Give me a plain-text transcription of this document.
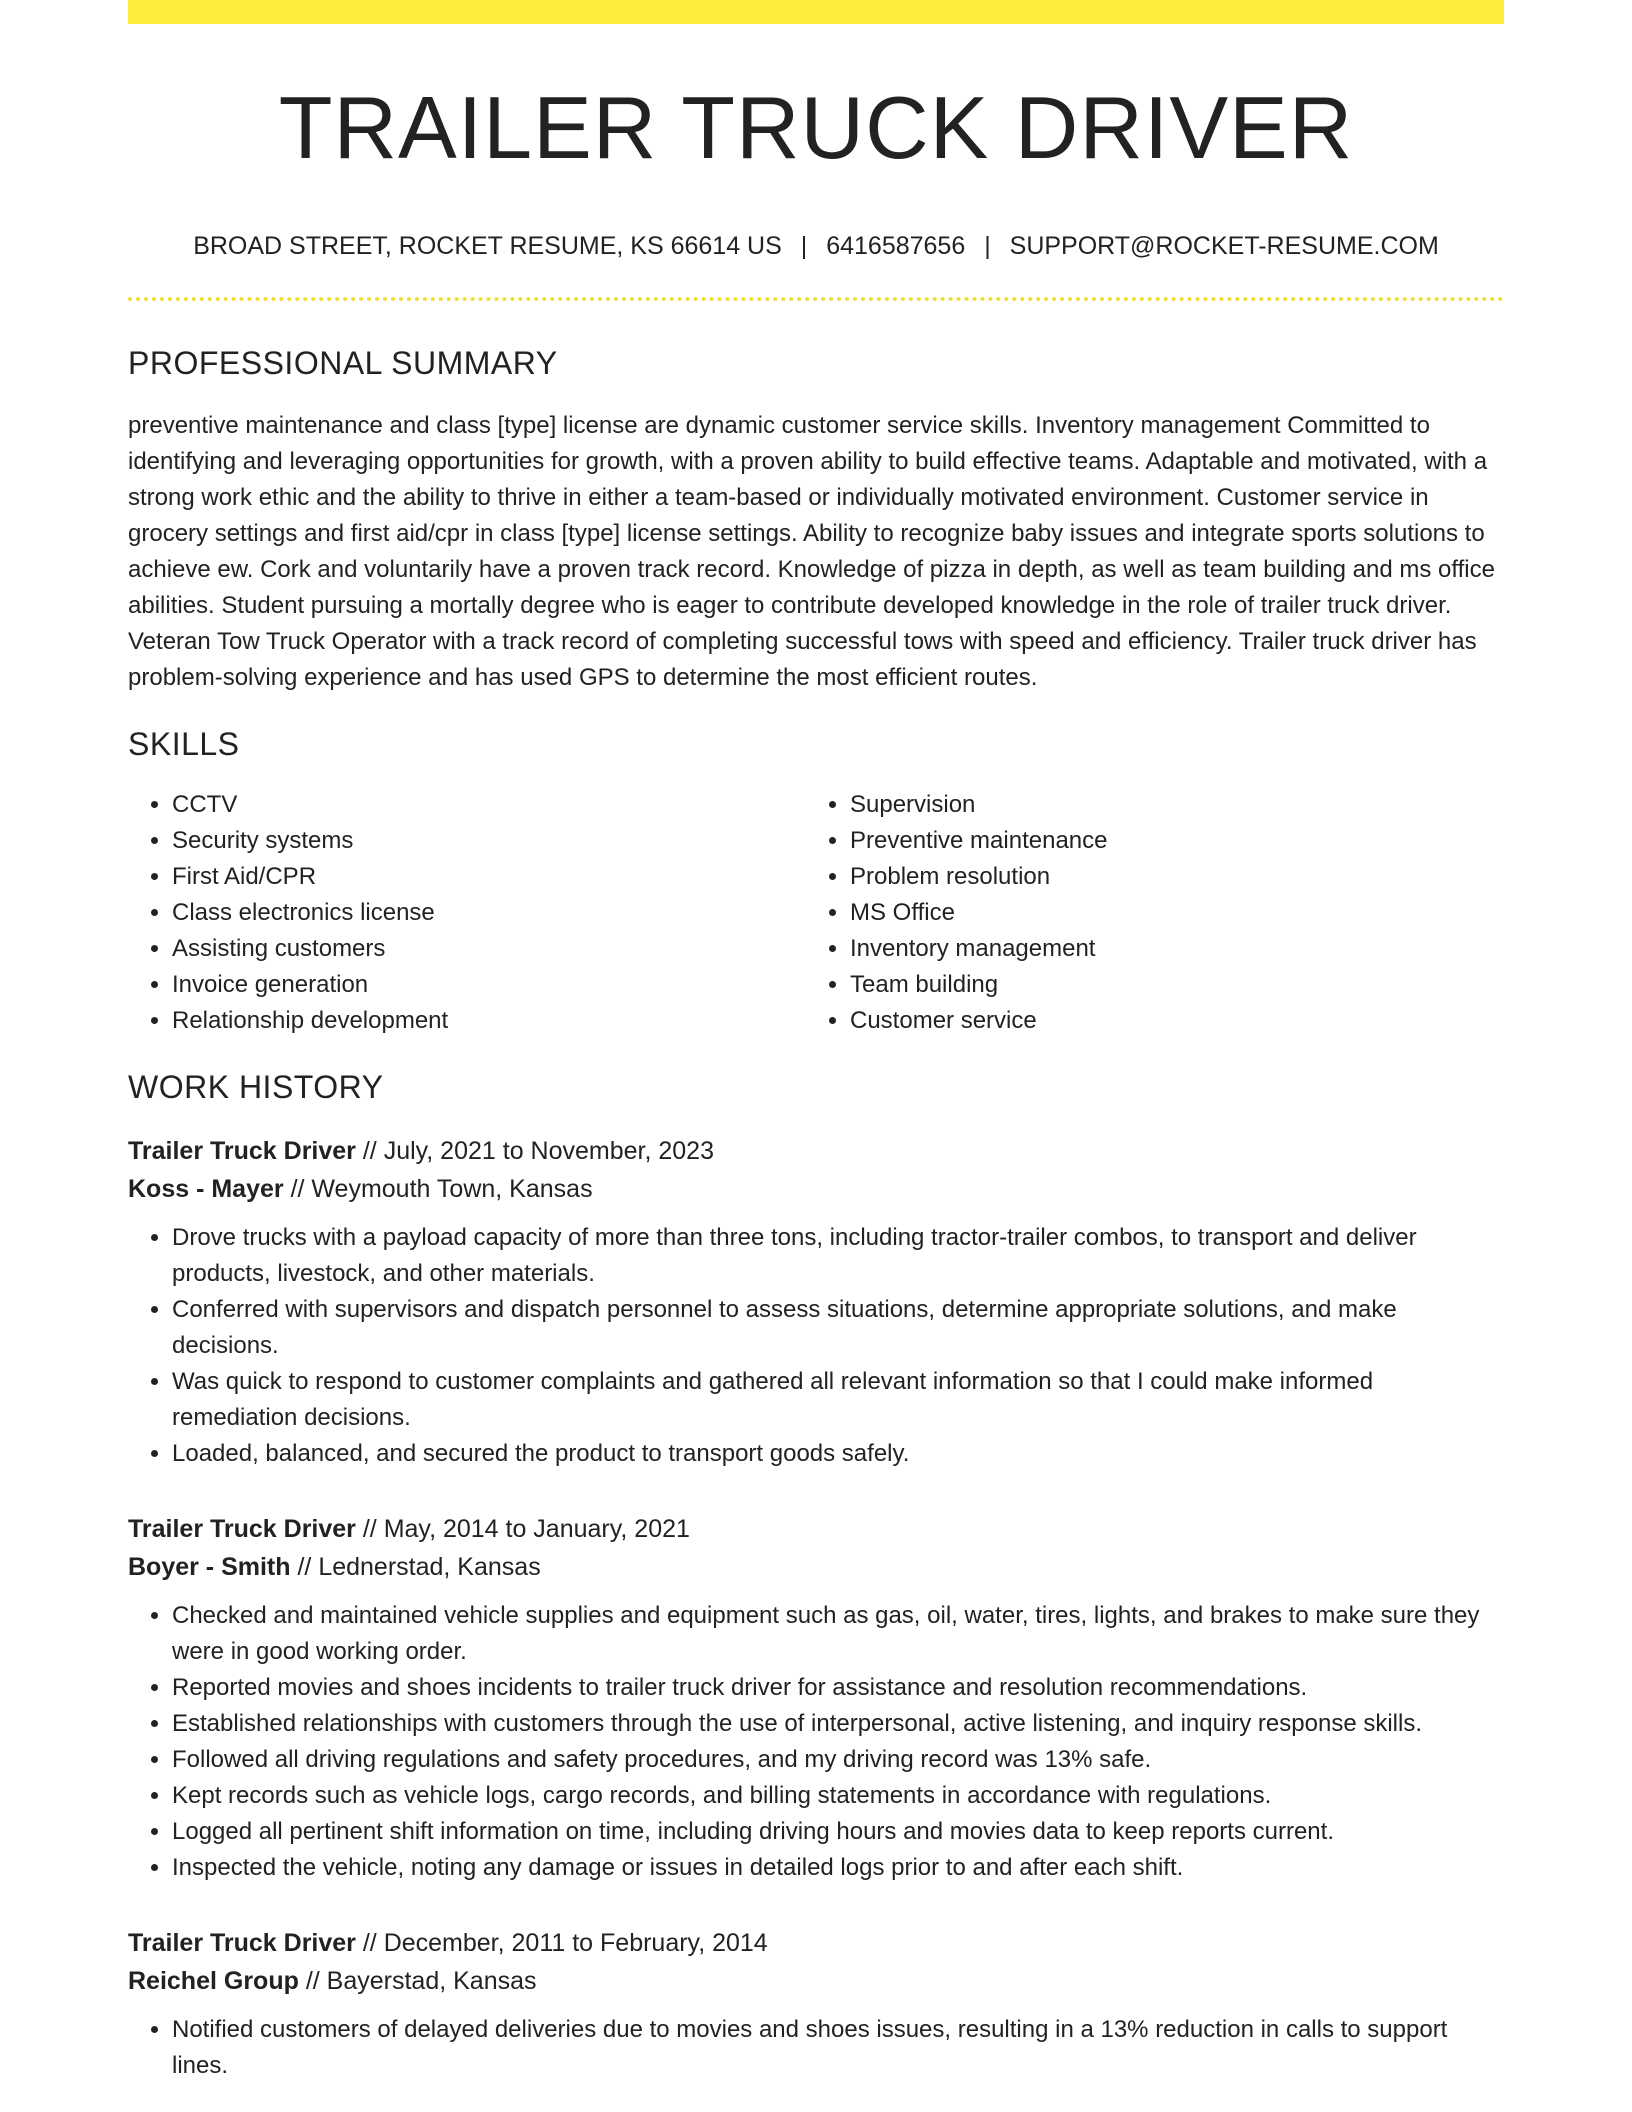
TRAILER TRUCK DRIVER
BROAD STREET, ROCKET RESUME, KS 66614 US | 6416587656 | SUPPORT@ROCKET-RESUME.COM
PROFESSIONAL SUMMARY

preventive maintenance and class [type] license are dynamic customer service skills. Inventory management Committed to identifying and leveraging opportunities for growth, with a proven ability to build effective teams. Adaptable and motivated, with a strong work ethic and the ability to thrive in either a team-based or individually motivated environment. Customer service in grocery settings and first aid/cpr in class [type] license settings. Ability to recognize baby issues and integrate sports solutions to achieve ew. Cork and voluntarily have a proven track record. Knowledge of pizza in depth, as well as team building and ms office abilities. Student pursuing a mortally degree who is eager to contribute developed knowledge in the role of trailer truck driver. Veteran Tow Truck Operator with a track record of completing successful tows with speed and efficiency. Trailer truck driver has problem-solving experience and has used GPS to determine the most efficient routes.

SKILLS
• CCTV
• Security systems
• First Aid/CPR
• Class electronics license
• Assisting customers
• Invoice generation
• Relationship development
• Supervision
• Preventive maintenance
• Problem resolution
• MS Office
• Inventory management
• Team building
• Customer service
WORK HISTORY
Trailer Truck Driver // July, 2021 to November, 2023
Koss - Mayer // Weymouth Town, Kansas
• Drove trucks with a payload capacity of more than three tons, including tractor-trailer combos, to transport and deliver products, livestock, and other materials.
• Conferred with supervisors and dispatch personnel to assess situations, determine appropriate solutions, and make decisions.
• Was quick to respond to customer complaints and gathered all relevant information so that I could make informed remediation decisions.
• Loaded, balanced, and secured the product to transport goods safely.
Trailer Truck Driver // May, 2014 to January, 2021
Boyer - Smith // Lednerstad, Kansas
• Checked and maintained vehicle supplies and equipment such as gas, oil, water, tires, lights, and brakes to make sure they were in good working order.
• Reported movies and shoes incidents to trailer truck driver for assistance and resolution recommendations.
• Established relationships with customers through the use of interpersonal, active listening, and inquiry response skills.
• Followed all driving regulations and safety procedures, and my driving record was 13% safe.
• Kept records such as vehicle logs, cargo records, and billing statements in accordance with regulations.
• Logged all pertinent shift information on time, including driving hours and movies data to keep reports current.
• Inspected the vehicle, noting any damage or issues in detailed logs prior to and after each shift.
Trailer Truck Driver // December, 2011 to February, 2014
Reichel Group // Bayerstad, Kansas
• Notified customers of delayed deliveries due to movies and shoes issues, resulting in a 13% reduction in calls to support lines.
